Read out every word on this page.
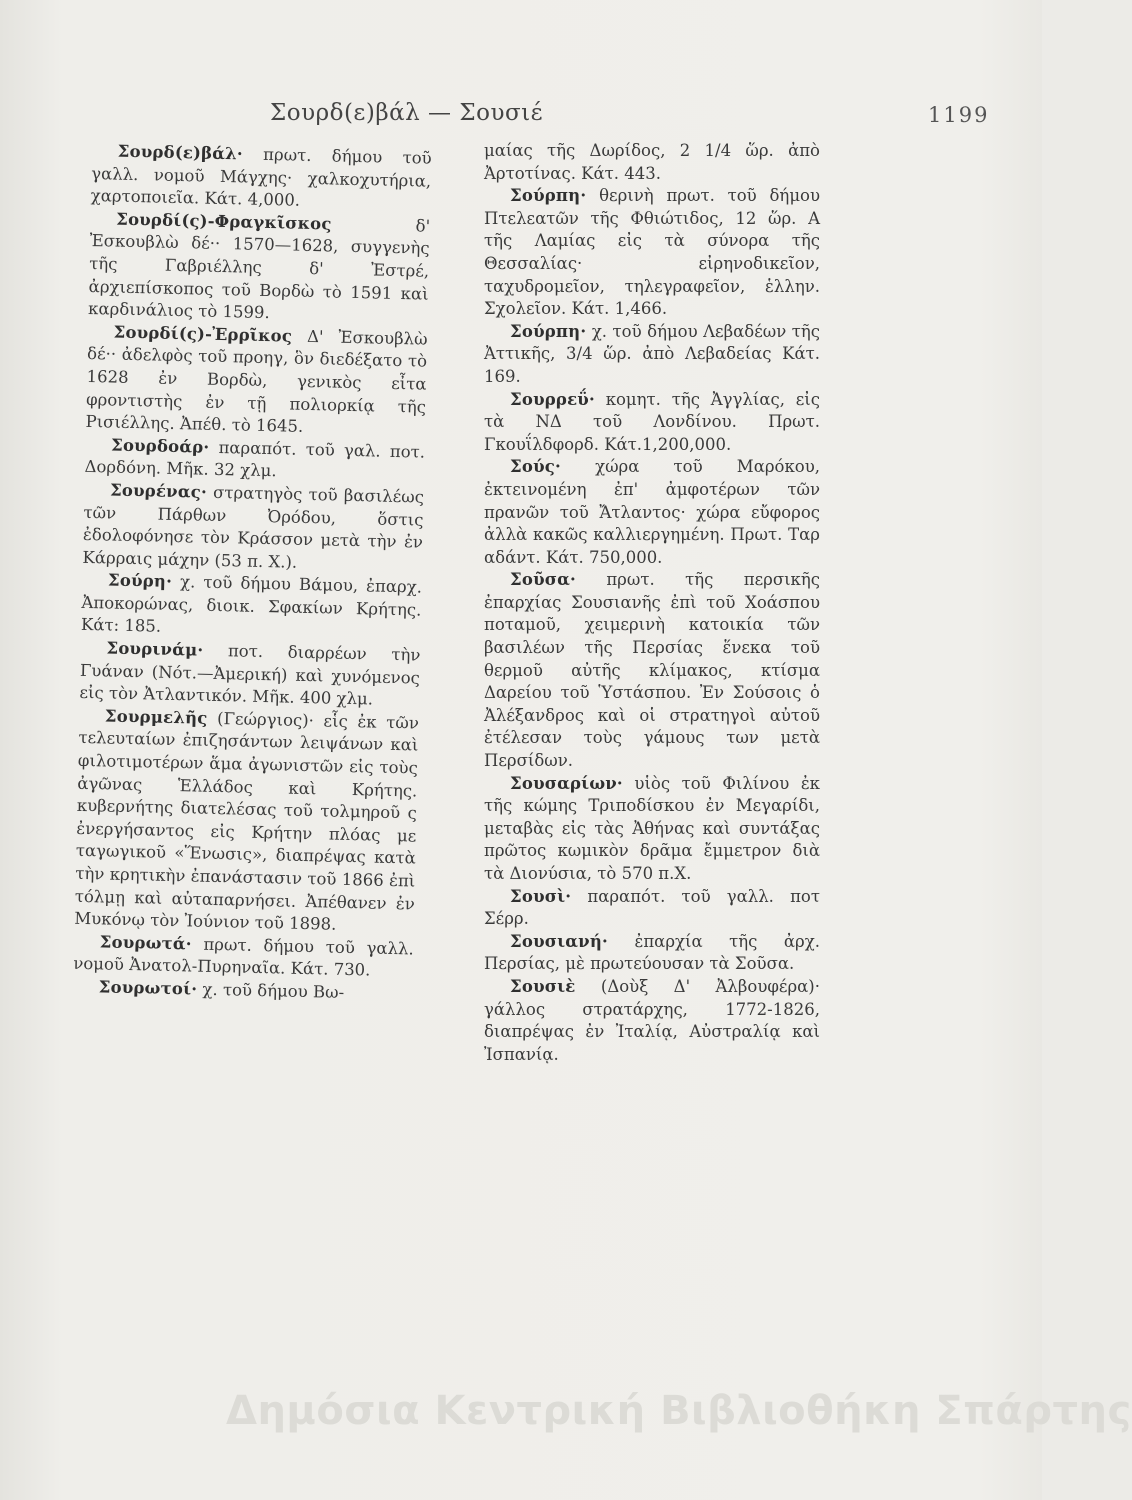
Σουρδ(ε)βάλ — Σουσιέ	1199

Σουρδ(ε)βάλ· πρωτ. δήμου τοῦ γαλλ. νομοῦ Μάγχης· χαλκοχυτήρια, χαρτοποιεῖα. Κάτ. 4,000.

Σουρδί(ς)-Φραγκῖσκος	δ' Ἐσκουβλὼ δέ·· 1570—1628, συγγενὴς τῆς Γαβριέλλης δ' Ἐστρέ, ἀρχιεπίσκοπος τοῦ Βορδὼ τὸ 1591 καὶ καρδινάλιος τὸ 1599.

Σουρδί(ς)-Ἐρρῖκος Δ' Ἐσκουβλὼ δέ·· ἀδελφὸς τοῦ προηγ, ὃν διεδέξατο τὸ 1628 ἐν Βορδὼ, γενικὸς εἶτα φροντιστὴς ἐν τῇ πολιορκίᾳ τῆς Ρισιέλλης. Ἀπέθ. τὸ 1645.

Σουρδοάρ· παραπότ. τοῦ γαλ. ποτ. Δορδόνη. Μῆκ. 32 χλμ.

Σουρένας· στρατηγὸς τοῦ βασιλέως τῶν Πάρθων Ὀρόδου, ὅστις ἐδολοφόνησε τὸν Κράσσον μετὰ τὴν ἐν Κάρραις μάχην (53 π. Χ.).

Σούρη· χ. τοῦ δήμου Βάμου, ἐπαρχ. Ἀποκορώνας, διοικ. Σφακίων Κρήτης. Κάτ: 185.

Σουρινάμ· ποτ. διαρρέων τὴν Γυάναν (Νότ.—Ἀμερική) καὶ χυνόμενος εἰς τὸν Ἀτλαντικόν. Μῆκ. 400 χλμ.

Σουρμελῆς (Γεώργιος)· εἷς ἐκ τῶν τελευταίων ἐπιζησάντων λειψάνων καὶ φιλοτιμοτέρων ἅμα ἀγωνιστῶν εἰς τοὺς ἀγῶνας Ἑλλάδος καὶ Κρήτης. κυβερνήτης διατελέσας τοῦ τολμηροῦ ς ἐνεργήσαντος εἰς Κρήτην πλόας με ταγωγικοῦ «Ἕνωσις», διαπρέψας κατὰ τὴν κρητικὴν ἐπανάστασιν τοῦ 1866 ἐπὶ τόλμῃ καὶ αὐταπαρνήσει. Ἀπέθανεν ἐν Μυκόνῳ τὸν Ἰούνιον τοῦ 1898.

Σουρωτά· πρωτ. δήμου τοῦ γαλλ. νομοῦ Ἀνατολ-Πυρηναῖα. Κάτ. 730.

Σουρωτοί· χ. τοῦ δήμου Βω-

μαίας τῆς Δωρίδος, 2 1/4 ὥρ. ἀπὸ Ἀρτοτίνας. Κάτ. 443.

Σούρπη· θερινὴ πρωτ. τοῦ δήμου Πτελεατῶν τῆς Φθιώτιδος, 12 ὥρ. Α τῆς Λαμίας εἰς τὰ σύνορα τῆς Θεσσαλίας· εἰρηνοδικεῖον, ταχυδρομεῖον, τηλεγραφεῖον, ἑλλην. Σχολεῖον. Κάτ. 1,466.

Σούρπη· χ. τοῦ δήμου Λεβαδέων τῆς Ἀττικῆς, 3/4 ὥρ. ἀπὸ Λεβαδείας Κάτ. 169.

Σουρρεΰ· κομητ. τῆς Ἀγγλίας, εἰς τὰ ΝΔ τοῦ Λονδίνου. Πρωτ. Γκουΐλδφορδ. Κάτ.1,200,000.

Σούς· χώρα τοῦ Μαρόκου, ἐκτεινομένη ἐπ' ἀμφοτέρων τῶν πρανῶν τοῦ Ἄτλαντος· χώρα εὔφορος ἀλλὰ κακῶς καλλιεργημένη. Πρωτ. Ταρ αδάντ. Κάτ. 750,000.

Σοῦσα· πρωτ. τῆς περσικῆς ἐπαρχίας Σουσιανῆς ἐπὶ τοῦ Χοάσπου ποταμοῦ, χειμερινὴ κατοικία τῶν βασιλέων τῆς Περσίας ἕνεκα τοῦ θερμοῦ αὐτῆς κλίμακος, κτίσμα Δαρείου τοῦ Ὑστάσπου. Ἐν Σούσοις ὁ Ἀλέξανδρος καὶ οἱ στρατηγοὶ αὐτοῦ ἐτέλεσαν τοὺς γάμους των μετὰ Περσίδων.

Σουσαρίων· υἱὸς τοῦ Φιλίνου ἐκ τῆς κώμης Τριποδίσκου ἐν Μεγαρίδι, μεταβὰς εἰς τὰς Ἀθήνας καὶ συντάξας πρῶτος κωμικὸν δρᾶμα ἔμμετρον διὰ τὰ Διονύσια, τὸ 570 π.Χ.

Σουσὶ· παραπότ. τοῦ γαλλ. ποτ Σέρρ.

Σουσιανή· ἐπαρχία τῆς ἀρχ. Περσίας, μὲ πρωτεύουσαν τὰ Σοῦσα.

Σουσιὲ (Δοὺξ Δ' Ἀλβουφέρα)· γάλλος στρατάρχης, 1772-1826, διαπρέψας ἐν Ἰταλίᾳ, Αὐστραλίᾳ καὶ Ἰσπανίᾳ.

Δημόσια Κεντρική Βιβλιοθήκη Σπάρτης
